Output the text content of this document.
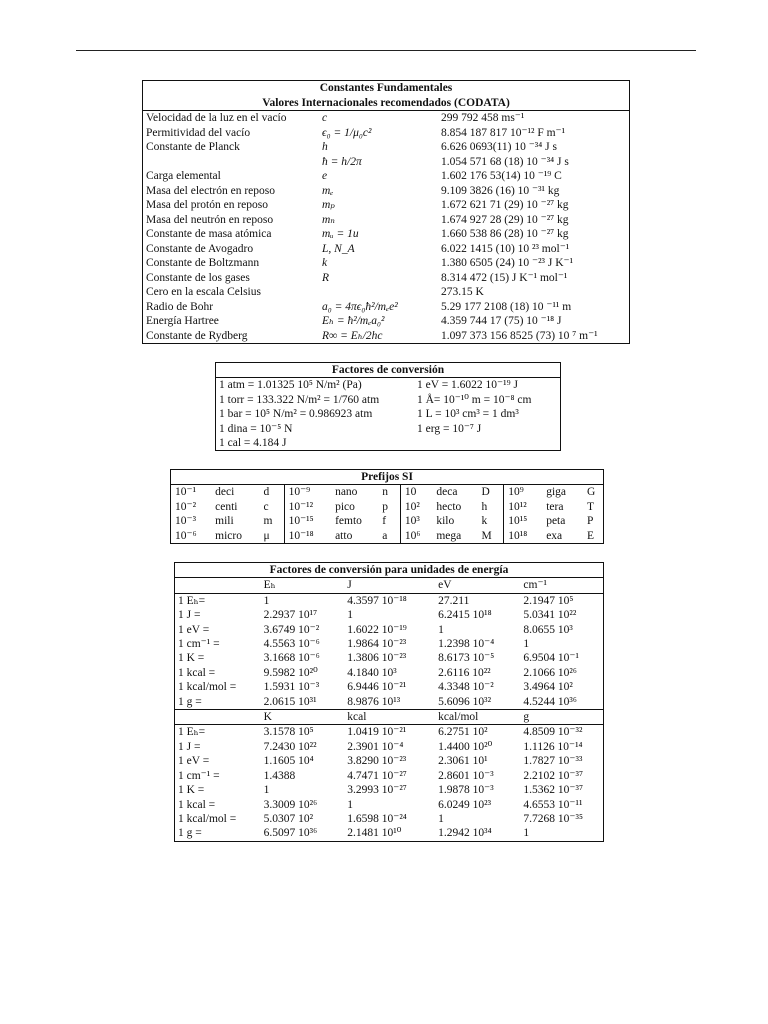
Constantes Fundamentales
Valores Internacionales recomendados (CODATA)
Velocidad de la luz en el vacío	c	299 792 458 ms⁻¹
Permitividad del vacío	ϵ₀ = 1/μ₀c²	8.854 187 817 10⁻¹² F m⁻¹
Constante de Planck	h	6.626 0693(11) 10 ⁻³⁴ J s
	ħ = h/2π	1.054 571 68 (18) 10 ⁻³⁴ J s
Carga elemental	e	1.602 176 53(14) 10 ⁻¹⁹ C
Masa del electrón en reposo	mₑ	9.109 3826 (16) 10 ⁻³¹ kg
Masa del protón en reposo	mₚ	1.672 621 71 (29) 10 ⁻²⁷ kg
Masa del neutrón en reposo	mₙ	1.674 927 28 (29) 10 ⁻²⁷ kg
Constante de masa atómica	mᵤ = 1u	1.660 538 86 (28) 10 ⁻²⁷ kg
Constante de Avogadro	L, N_A	6.022 1415 (10) 10 ²³ mol⁻¹
Constante de Boltzmann	k	1.380 6505 (24) 10 ⁻²³ J K⁻¹
Constante de los gases	R	8.314 472 (15) J K⁻¹ mol⁻¹
Cero en la escala Celsius		273.15 K
Radio de Bohr	a₀ = 4πϵ₀ħ²/mₑe²	5.29 177 2108 (18) 10 ⁻¹¹ m
Energía Hartree	Eₕ = ħ²/mₑa₀²	4.359 744 17 (75) 10 ⁻¹⁸ J
Constante de Rydberg	R∞ = Eₕ/2hc	1.097 373 156 8525 (73) 10 ⁷ m⁻¹
Factores de conversión
1 atm = 1.01325 10⁵ N/m² (Pa)	1 eV = 1.6022 10⁻¹⁹ J
1 torr = 133.322 N/m² = 1/760 atm	1 Å= 10⁻¹⁰ m = 10⁻⁸ cm
1 bar = 10⁵ N/m² = 0.986923 atm	1 L = 10³ cm³ = 1 dm³
1 dina = 10⁻⁵ N	1 erg = 10⁻⁷ J
1 cal = 4.184 J	
Prefijos SI
10⁻¹	deci	d	10⁻⁹	nano	n	10	deca	D	10⁹	giga	G
10⁻²	centi	c	10⁻¹²	pico	p	10²	hecto	h	10¹²	tera	T
10⁻³	mili	m	10⁻¹⁵	femto	f	10³	kilo	k	10¹⁵	peta	P
10⁻⁶	micro	μ	10⁻¹⁸	atto	a	10⁶	mega	M	10¹⁸	exa	E
Factores de conversión para unidades de energía
	Eₕ	J	eV	cm⁻¹
1 Eₕ=	1	4.3597 10⁻¹⁸	27.211	2.1947 10⁵
1 J =	2.2937 10¹⁷	1	6.2415 10¹⁸	5.0341 10²²
1 eV =	3.6749 10⁻²	1.6022 10⁻¹⁹	1	8.0655 10³
1 cm⁻¹ =	4.5563 10⁻⁶	1.9864 10⁻²³	1.2398 10⁻⁴	1
1 K =	3.1668 10⁻⁶	1.3806 10⁻²³	8.6173 10⁻⁵	6.9504 10⁻¹
1 kcal =	9.5982 10²⁰	4.1840 10³	2.6116 10²²	2.1066 10²⁶
1 kcal/mol =	1.5931 10⁻³	6.9446 10⁻²¹	4.3348 10⁻²	3.4964 10²
1 g =	2.0615 10³¹	8.9876 10¹³	5.6096 10³²	4.5244 10³⁶
	K	kcal	kcal/mol	g
1 Eₕ=	3.1578 10⁵	1.0419 10⁻²¹	6.2751 10²	4.8509 10⁻³²
1 J =	7.2430 10²²	2.3901 10⁻⁴	1.4400 10²⁰	1.1126 10⁻¹⁴
1 eV =	1.1605 10⁴	3.8290 10⁻²³	2.3061 10¹	1.7827 10⁻³³
1 cm⁻¹ =	1.4388	4.7471 10⁻²⁷	2.8601 10⁻³	2.2102 10⁻³⁷
1 K =	1	3.2993 10⁻²⁷	1.9878 10⁻³	1.5362 10⁻³⁷
1 kcal =	3.3009 10²⁶	1	6.0249 10²³	4.6553 10⁻¹¹
1 kcal/mol =	5.0307 10²	1.6598 10⁻²⁴	1	7.7268 10⁻³⁵
1 g =	6.5097 10³⁶	2.1481 10¹⁰	1.2942 10³⁴	1
